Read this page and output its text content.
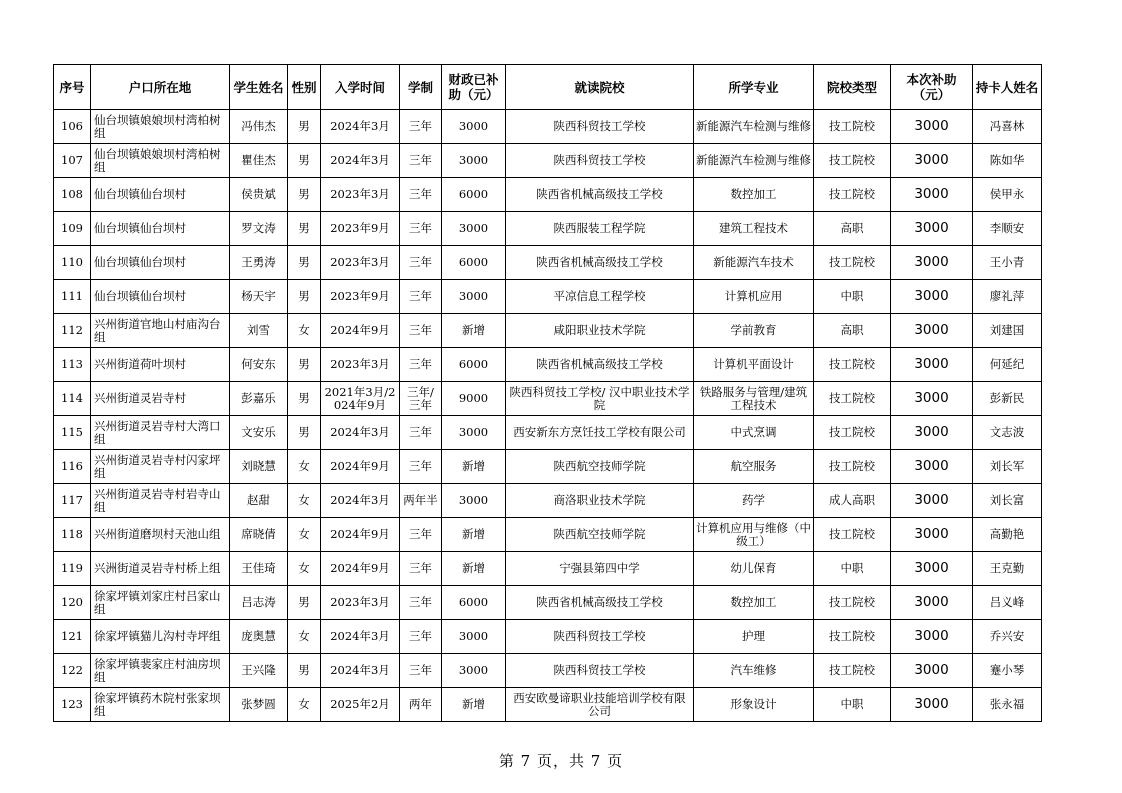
序号	户口所在地	学生姓名	性别	入学时间	学制	财政已补助（元）	就读院校	所学专业	院校类型	本次补助（元）	持卡人姓名
106	仙台坝镇娘娘坝村湾柏树组	冯伟杰	男	2024年3月	三年	3000	陕西科贸技工学校	新能源汽车检测与维修	技工院校	3000	冯喜林
107	仙台坝镇娘娘坝村湾柏树组	瞿佳杰	男	2024年3月	三年	3000	陕西科贸技工学校	新能源汽车检测与维修	技工院校	3000	陈如华
108	仙台坝镇仙台坝村	侯贵斌	男	2023年3月	三年	6000	陕西省机械高级技工学校	数控加工	技工院校	3000	侯甲永
109	仙台坝镇仙台坝村	罗文涛	男	2023年9月	三年	3000	陕西服装工程学院	建筑工程技术	高职	3000	李顺安
110	仙台坝镇仙台坝村	王勇涛	男	2023年3月	三年	6000	陕西省机械高级技工学校	新能源汽车技术	技工院校	3000	王小青
111	仙台坝镇仙台坝村	杨天宇	男	2023年9月	三年	3000	平凉信息工程学校	计算机应用	中职	3000	廖礼萍
112	兴州街道官地山村庙沟台组	刘雪	女	2024年9月	三年	新增	咸阳职业技术学院	学前教育	高职	3000	刘建国
113	兴州街道荷叶坝村	何安东	男	2023年3月	三年	6000	陕西省机械高级技工学校	计算机平面设计	技工院校	3000	何延纪
114	兴州街道灵岩寺村	彭嘉乐	男	2021年3月/2024年9月	三年/三年	9000	陕西科贸技工学校/ 汉中职业技术学院	铁路服务与管理/建筑工程技术	技工院校	3000	彭新民
115	兴州街道灵岩寺村大湾口组	文安乐	男	2024年3月	三年	3000	西安新东方烹饪技工学校有限公司	中式烹调	技工院校	3000	文志波
116	兴州街道灵岩寺村闪家坪组	刘晓慧	女	2024年9月	三年	新增	陕西航空技师学院	航空服务	技工院校	3000	刘长军
117	兴州街道灵岩寺村岩寺山组	赵甜	女	2024年3月	两年半	3000	商洛职业技术学院	药学	成人高职	3000	刘长富
118	兴州街道磨坝村天池山组	席晓倩	女	2024年9月	三年	新增	陕西航空技师学院	计算机应用与维修（中级工）	技工院校	3000	高勤艳
119	兴洲街道灵岩寺村桥上组	王佳琦	女	2024年9月	三年	新增	宁强县第四中学	幼儿保育	中职	3000	王克勤
120	徐家坪镇刘家庄村吕家山组	吕志涛	男	2023年3月	三年	6000	陕西省机械高级技工学校	数控加工	技工院校	3000	吕义峰
121	徐家坪镇猫儿沟村寺坪组	庞奥慧	女	2024年3月	三年	3000	陕西科贸技工学校	护理	技工院校	3000	乔兴安
122	徐家坪镇裴家庄村油房坝组	王兴隆	男	2024年3月	三年	3000	陕西科贸技工学校	汽车维修	技工院校	3000	蹇小琴
123	徐家坪镇药木院村张家坝组	张梦圆	女	2025年2月	两年	新增	西安欧曼谛职业技能培训学校有限公司	形象设计	中职	3000	张永福
第 7 页，共 7 页
